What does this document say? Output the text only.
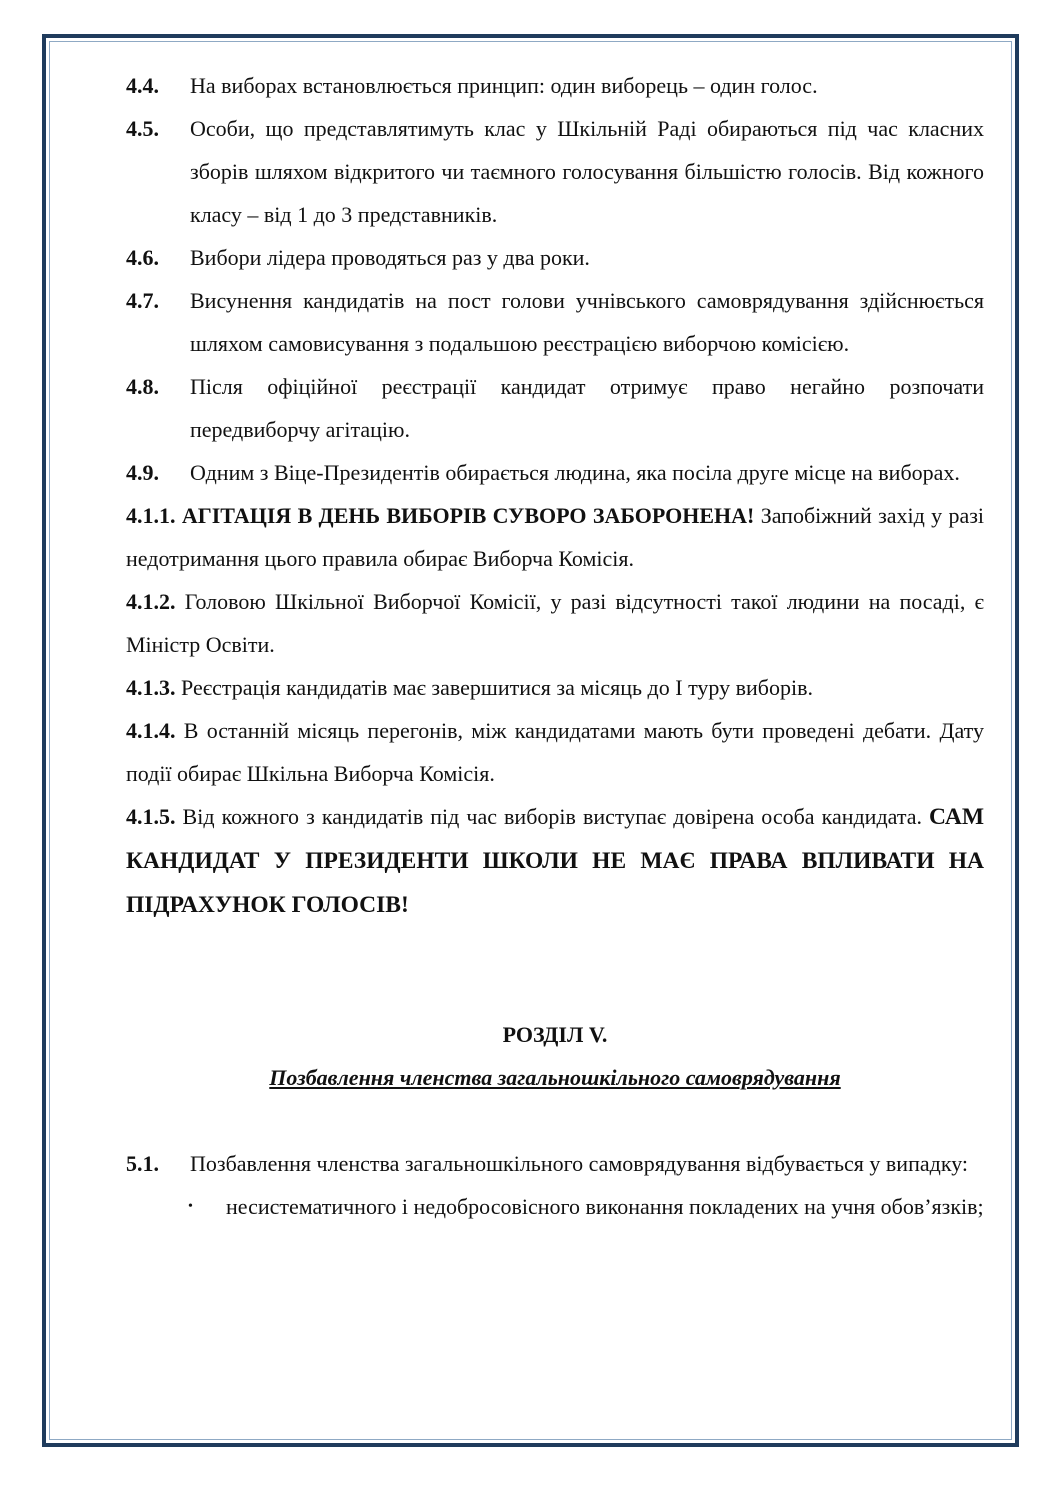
4.4.	На виборах встановлюється принцип: один виборець – один голос.
4.5.	Особи, що представлятимуть клас у Шкільній Раді обираються під час класних зборів шляхом відкритого чи таємного голосування більшістю голосів. Від кожного класу – від 1 до 3 представників.
4.6.	Вибори лідера проводяться раз у два роки.
4.7.	Висунення кандидатів на пост голови учнівського самоврядування здійснюється шляхом самовисування з подальшою реєстрацією виборчою комісією.
4.8.	Після офіційної реєстрації кандидат отримує право негайно розпочати передвиборчу агітацію.
4.9.	Одним з Віце-Президентів обирається людина, яка посіла друге місце на виборах.
4.1.1. АГІТАЦІЯ В ДЕНЬ ВИБОРІВ СУВОРО ЗАБОРОНЕНА! Запобіжний захід у разі недотримання цього правила обирає Виборча Комісія.
4.1.2. Головою Шкільної Виборчої Комісії, у разі відсутності такої людини на посаді, є Міністр Освіти.
4.1.3. Реєстрація кандидатів має завершитися за місяць до І туру виборів.
4.1.4. В останній місяць перегонів, між кандидатами мають бути проведені дебати. Дату події обирає Шкільна Виборча Комісія.
4.1.5. Від кожного з кандидатів під час виборів виступає довірена особа кандидата. САМ КАНДИДАТ У ПРЕЗИДЕНТИ ШКОЛИ НЕ МАЄ ПРАВА ВПЛИВАТИ НА ПІДРАХУНОК ГОЛОСІВ!
РОЗДІЛ V.
Позбавлення членства загальношкільного самоврядування
5.1.	Позбавлення членства загальношкільного самоврядування відбувається у випадку:
•	несистематичного і недобросовісного виконання покладених на учня обов’язків;
